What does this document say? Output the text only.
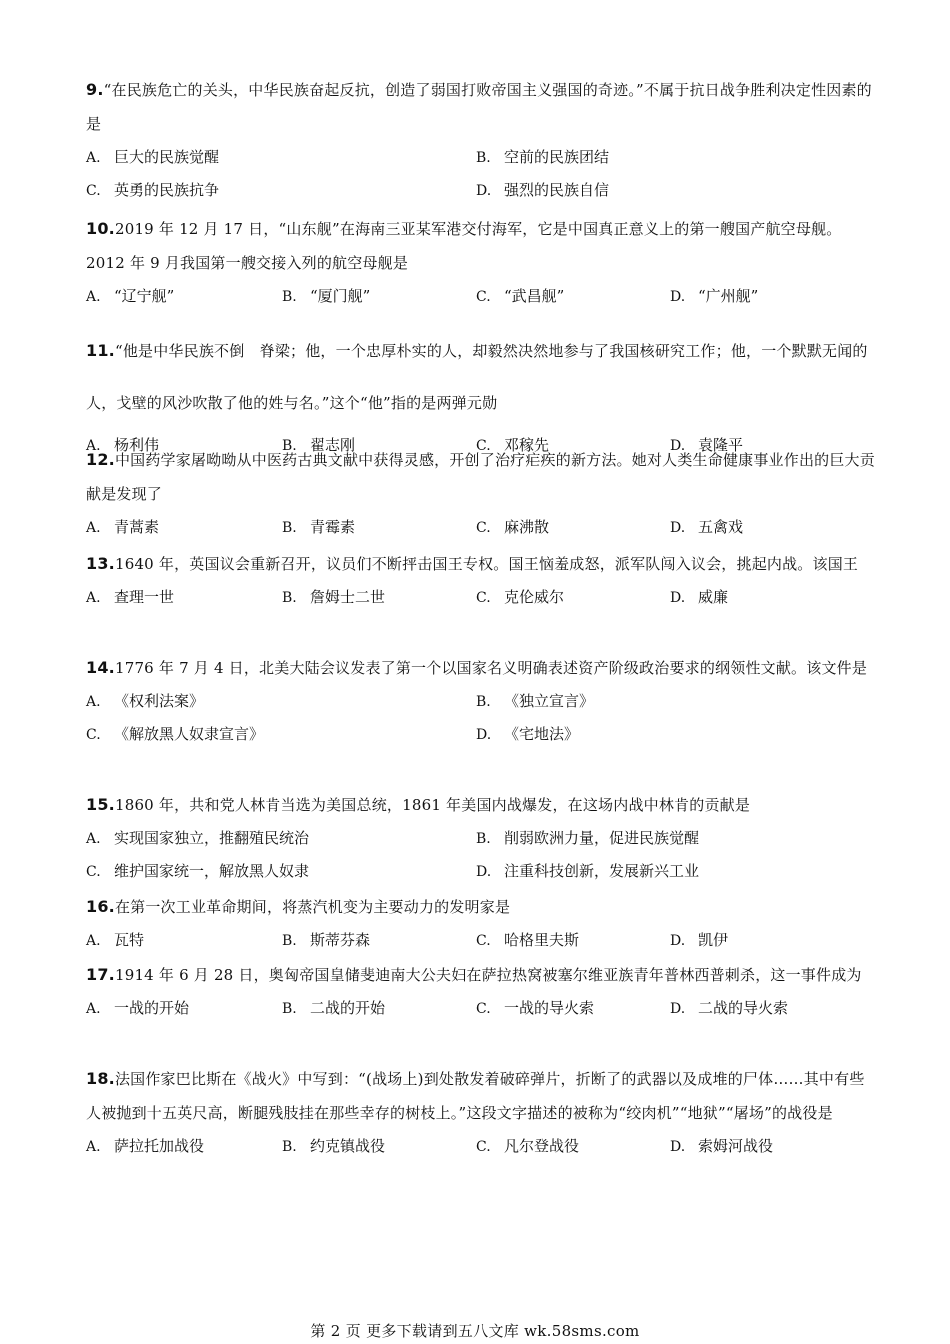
9.“在民族危亡的关头，中华民族奋起反抗，创造了弱国打败帝国主义强国的奇迹。”不属于抗日战争胜利决定性因素的是
A. 巨大的民族觉醒	B. 空前的民族团结
C. 英勇的民族抗争	D. 强烈的民族自信
10.2019 年 12 月 17 日，“山东舰”在海南三亚某军港交付海军，它是中国真正意义上的第一艘国产航空母舰。2012 年 9 月我国第一艘交接入列的航空母舰是
A. “辽宁舰”	B. “厦门舰”	C. “武昌舰”	D. “广州舰”
11.“他是中华民族不倒　脊梁；他，一个忠厚朴实的人，却毅然决然地参与了我国核研究工作；他，一个默默无闻的人，戈壁的风沙吹散了他的姓与名。”这个“他”指的是两弹元勋
A. 杨利伟	B. 翟志刚	C. 邓稼先	D. 袁隆平
12.中国药学家屠呦呦从中医药古典文献中获得灵感，开创了治疗疟疾的新方法。她对人类生命健康事业作出的巨大贡献是发现了
A. 青蒿素	B. 青霉素	C. 麻沸散	D. 五禽戏
13.1640 年，英国议会重新召开，议员们不断抨击国王专权。国王恼羞成怒，派军队闯入议会，挑起内战。该国王
A. 查理一世	B. 詹姆士二世	C. 克伦威尔	D. 威廉
14.1776 年 7 月 4 日，北美大陆会议发表了第一个以国家名义明确表述资产阶级政治要求的纲领性文献。该文件是
A. 《权利法案》	B. 《独立宣言》
C. 《解放黑人奴隶宣言》	D. 《宅地法》
15.1860 年，共和党人林肯当选为美国总统，1861 年美国内战爆发，在这场内战中林肯的贡献是
A. 实现国家独立，推翻殖民统治	B. 削弱欧洲力量，促进民族觉醒
C. 维护国家统一，解放黑人奴隶	D. 注重科技创新，发展新兴工业
16.在第一次工业革命期间，将蒸汽机变为主要动力的发明家是
A. 瓦特	B. 斯蒂芬森	C. 哈格里夫斯	D. 凯伊
17.1914 年 6 月 28 日，奥匈帝国皇储斐迪南大公夫妇在萨拉热窝被塞尔维亚族青年普林西普刺杀，这一事件成为
A. 一战的开始	B. 二战的开始	C. 一战的导火索	D. 二战的导火索
18.法国作家巴比斯在《战火》中写到：“(战场上)到处散发着破碎弹片，折断了的武器以及成堆的尸体……其中有些人被抛到十五英尺高，断腿残肢挂在那些幸存的树枝上。”这段文字描述的被称为“绞肉机”“地狱”“屠场”的战役是
A. 萨拉托加战役	B. 约克镇战役	C. 凡尔登战役	D. 索姆河战役
第 2 页 更多下载请到五八文库 wk.58sms.com
